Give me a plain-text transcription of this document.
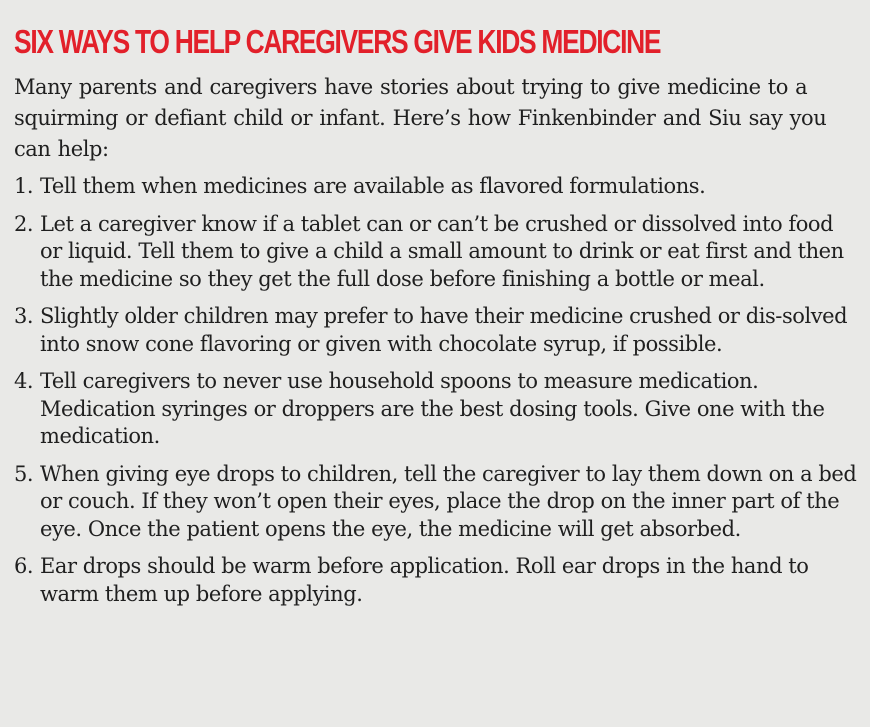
SIX WAYS TO HELP CAREGIVERS GIVE KIDS MEDICINE

Many parents and caregivers have stories about trying to give medicine to a squirming or defiant child or infant. Here’s how Finkenbinder and Siu say you can help:

1. Tell them when medicines are available as flavored formulations.
2. Let a caregiver know if a tablet can or can’t be crushed or dissolved into food or liquid. Tell them to give a child a small amount to drink or eat first and then the medicine so they get the full dose before finishing a bottle or meal.
3. Slightly older children may prefer to have their medicine crushed or dis-solved into snow cone flavoring or given with chocolate syrup, if possible.
4. Tell caregivers to never use household spoons to measure medication. Medication syringes or droppers are the best dosing tools. Give one with the medication.
5. When giving eye drops to children, tell the caregiver to lay them down on a bed or couch. If they won’t open their eyes, place the drop on the inner part of the eye. Once the patient opens the eye, the medicine will get absorbed.
6. Ear drops should be warm before application. Roll ear drops in the hand to warm them up before applying.
